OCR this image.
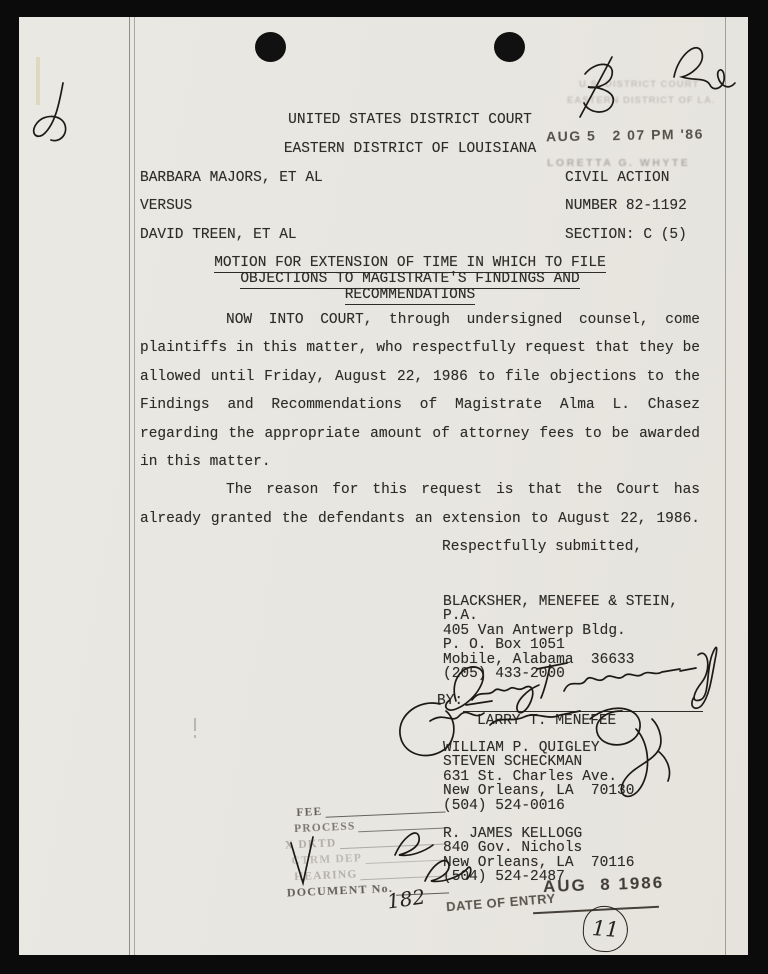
UNITED STATES DISTRICT COURT
EASTERN DISTRICT OF LOUISIANA
U.S. DISTRICT COURT
EASTERN DISTRICT OF LA.
AUG 5   2 07 PM '86
LORETTA G. WHYTE
BARBARA MAJORS, ET AL
VERSUS
DAVID TREEN, ET AL
CIVIL ACTION
NUMBER 82-1192
SECTION: C (5)
MOTION FOR EXTENSION OF TIME IN WHICH TO FILE
OBJECTIONS TO MAGISTRATE'S FINDINGS AND
RECOMMENDATIONS
NOW INTO COURT, through undersigned counsel, come
plaintiffs in this matter, who respectfully request that they be
allowed until Friday, August 22, 1986 to file objections to the
Findings and Recommendations of Magistrate Alma L. Chasez
regarding the appropriate amount of attorney fees to be awarded
in this matter.
The reason for this request is that the Court has
already granted the defendants an extension to August 22, 1986.
Respectfully submitted,
BLACKSHER, MENEFEE & STEIN,
P.A.
405 Van Antwerp Bldg.
P. O. Box 1051
Mobile, Alabama  36633
(205) 433-2000
BY:
LARRY T. MENEFEE
WILLIAM P. QUIGLEY
STEVEN SCHECKMAN
631 St. Charles Ave.
New Orleans, LA  70130
(504) 524-0016
R. JAMES KELLOGG
840 Gov. Nichols
New Orleans, LA  70116
(504) 524-2487
FEE
PROCESS
X DKTD
CTRM DEP
HEARING
DOCUMENT No.
182	AUG  8 1986
DATE OF ENTRY
11
